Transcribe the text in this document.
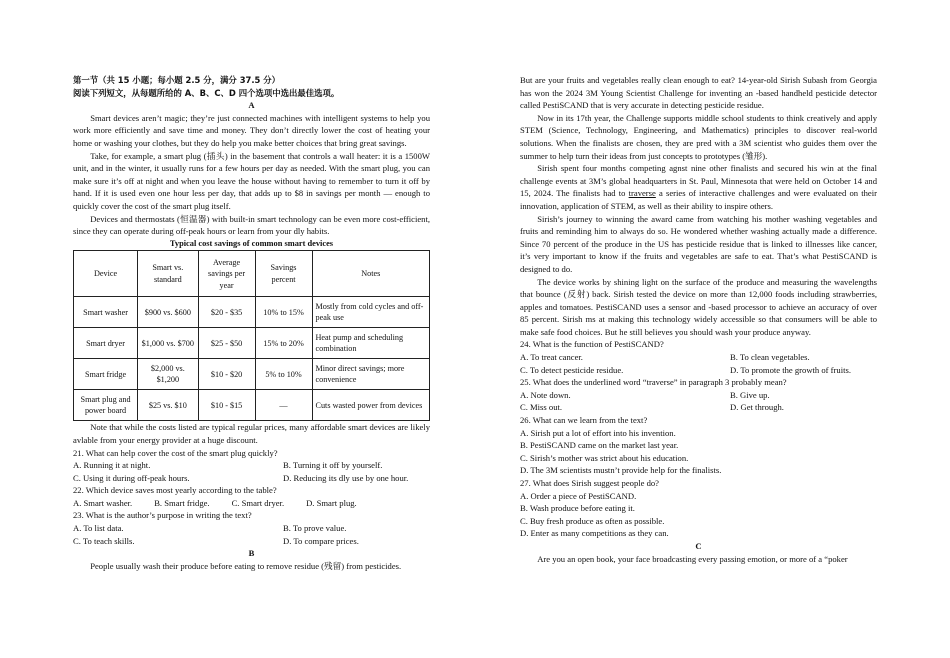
第一节（共 15 小题；每小题 2.5 分，满分 37.5 分）

阅读下列短文，从每题所给的 A、B、C、D 四个选项中选出最佳选项。

A

Smart devices aren’t magic; they’re just connected machines with intelligent systems to help you work more efficiently and save time and money. They don’t directly lower the cost of heating your home or washing your clothes, but they do help you make better choices that bring great savings.

Take, for example, a smart plug (插头) in the basement that controls a wall heater: it is a 1500W unit, and in the winter, it usually runs for a few hours per day as needed. With the smart plug, you can make sure it’s off at night and when you leave the house without having to remember to turn it off by hand. If it is used even one hour less per day, that adds up to $8 in savings per month — enough to quickly cover the cost of the smart plug itself.

Devices and thermostats (恒温器) with built-in smart technology can be even more cost-efficient, since they can operate during off-peak hours or learn from your dly habits.

Typical cost savings of common smart devices

Device	Smart vs. standard	Average savings per year	Savings percent	Notes
Smart washer	$900 vs. $600	$20 - $35	10% to 15%	Mostly from cold cycles and off-peak use
Smart dryer	$1,000 vs. $700	$25 - $50	15% to 20%	Heat pump and scheduling combination
Smart fridge	$2,000 vs. $1,200	$10 - $20	5% to 10%	Minor direct savings; more convenience
Smart plug and power board	$25 vs. $10	$10 - $15	—	Cuts wasted power from devices

Note that while the costs listed are typical regular prices, many affordable smart devices are likely avlable from your energy provider at a huge discount.

21. What can help cover the cost of the smart plug quickly?

A. Running it at night.	B. Turning it off by yourself.
C. Using it during off-peak hours.	D. Reducing its dly use by one hour.

22. Which device saves most yearly according to the table?

A. Smart washer.	B. Smart fridge.	C. Smart dryer.	D. Smart plug.

23. What is the author’s purpose in writing the text?

A. To list data.	B. To prove value.
C. To teach skills.	D. To compare prices.

B

People usually wash their produce before eating to remove residue (残留) from pesticides.

But are your fruits and vegetables really clean enough to eat? 14-year-old Sirish Subash from Georgia has won the 2024 3M Young Scientist Challenge for inventing an -based handheld pesticide detector called PestiSCAND that is very accurate in detecting pesticide residue.

Now in its 17th year, the Challenge supports middle school students to think creatively and apply STEM (Science, Technology, Engineering, and Mathematics) principles to discover real-world solutions. When the finalists are chosen, they are pred with a 3M scientist who guides them over the summer to help turn their ideas from just concepts to prototypes (雏形).

Sirish spent four months competing agnst nine other finalists and secured his win at the final challenge events at 3M’s global headquarters in St. Paul, Minnesota that were held on October 14 and 15, 2024. The finalists had to traverse a series of interactive challenges and were evaluated on their innovation, application of STEM, as well as their ability to inspire others.

Sirish’s journey to winning the award came from watching his mother washing vegetables and fruits and reminding him to always do so. He wondered whether washing actually made a difference. Since 70 percent of the produce in the US has pesticide residue that is linked to illnesses like cancer, it’s very important to know if the fruits and vegetables are safe to eat. That’s what PestiSCAND is designed to do.

The device works by shining light on the surface of the produce and measuring the wavelengths that bounce (反射) back. Sirish tested the device on more than 12,000 foods including strawberries, apples and tomatoes. PestiSCAND uses a sensor and -based processor to achieve an accuracy of over 85 percent. Sirish ms at making this technology widely accessible so that consumers will be able to make safe food choices. But he still believes you should wash your produce anyway.

24. What is the function of PestiSCAND?

A. To treat cancer.	B. To clean vegetables.
C. To detect pesticide residue.	D. To promote the growth of fruits.

25. What does the underlined word “traverse” in paragraph 3 probably mean?

A. Note down.	B. Give up.
C. Miss out.	D. Get through.

26. What can we learn from the text?

A. Sirish put a lot of effort into his invention.

B. PestiSCAND came on the market last year.

C. Sirish’s mother was strict about his education.

D. The 3M scientists mustn’t provide help for the finalists.

27. What does Sirish suggest people do?

A. Order a piece of PestiSCAND.

B. Wash produce before eating it.

C. Buy fresh produce as often as possible.

D. Enter as many competitions as they can.

C

Are you an open book, your face broadcasting every passing emotion, or more of a “poker
